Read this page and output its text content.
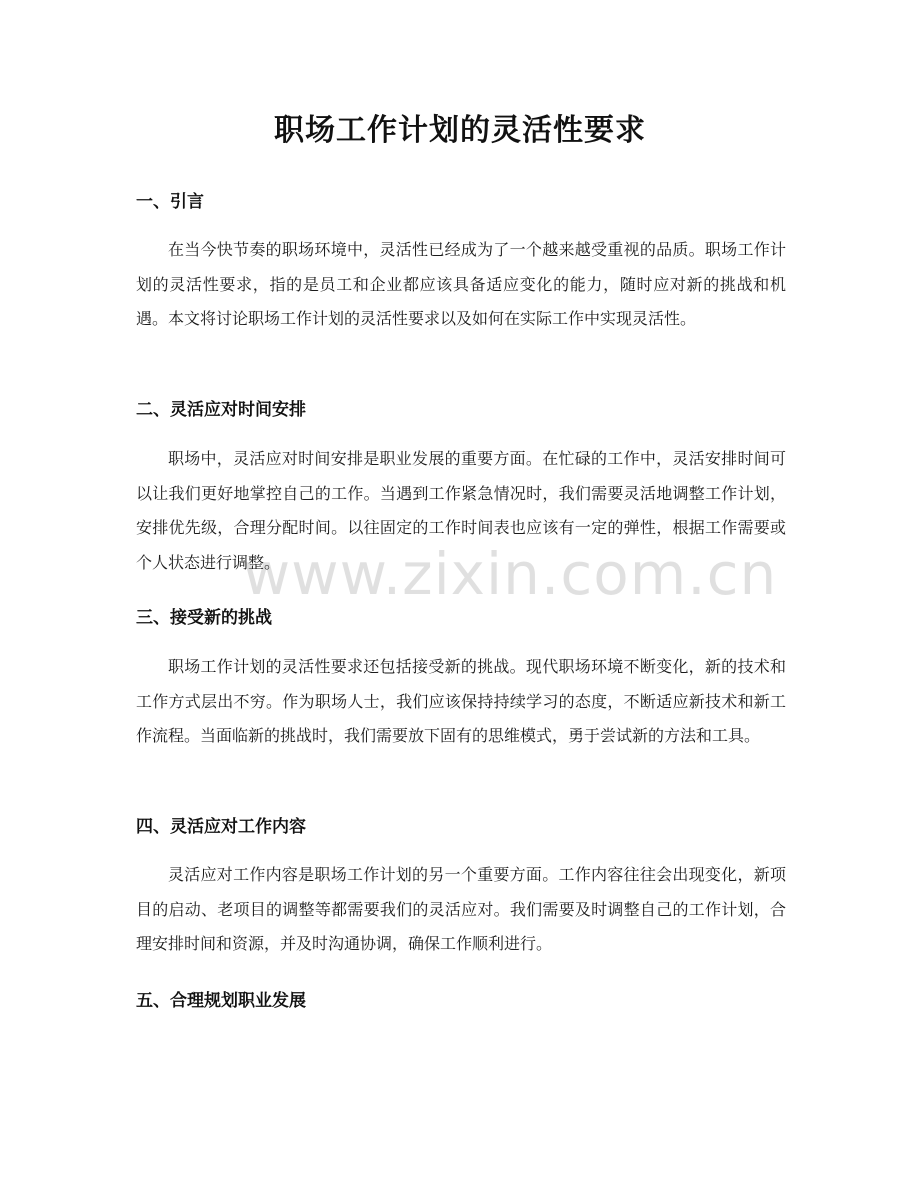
职场工作计划的灵活性要求
一、引言

在当今快节奏的职场环境中，灵活性已经成为了一个越来越受重视的品质。职场工作计划的灵活性要求，指的是员工和企业都应该具备适应变化的能力，随时应对新的挑战和机遇。本文将讨论职场工作计划的灵活性要求以及如何在实际工作中实现灵活性。

二、灵活应对时间安排

职场中，灵活应对时间安排是职业发展的重要方面。在忙碌的工作中，灵活安排时间可以让我们更好地掌控自己的工作。当遇到工作紧急情况时，我们需要灵活地调整工作计划，安排优先级，合理分配时间。以往固定的工作时间表也应该有一定的弹性，根据工作需要或个人状态进行调整。

三、接受新的挑战

职场工作计划的灵活性要求还包括接受新的挑战。现代职场环境不断变化，新的技术和工作方式层出不穷。作为职场人士，我们应该保持持续学习的态度，不断适应新技术和新工作流程。当面临新的挑战时，我们需要放下固有的思维模式，勇于尝试新的方法和工具。

四、灵活应对工作内容

灵活应对工作内容是职场工作计划的另一个重要方面。工作内容往往会出现变化，新项目的启动、老项目的调整等都需要我们的灵活应对。我们需要及时调整自己的工作计划，合理安排时间和资源，并及时沟通协调，确保工作顺利进行。

五、合理规划职业发展
www.zixin.com.cn
